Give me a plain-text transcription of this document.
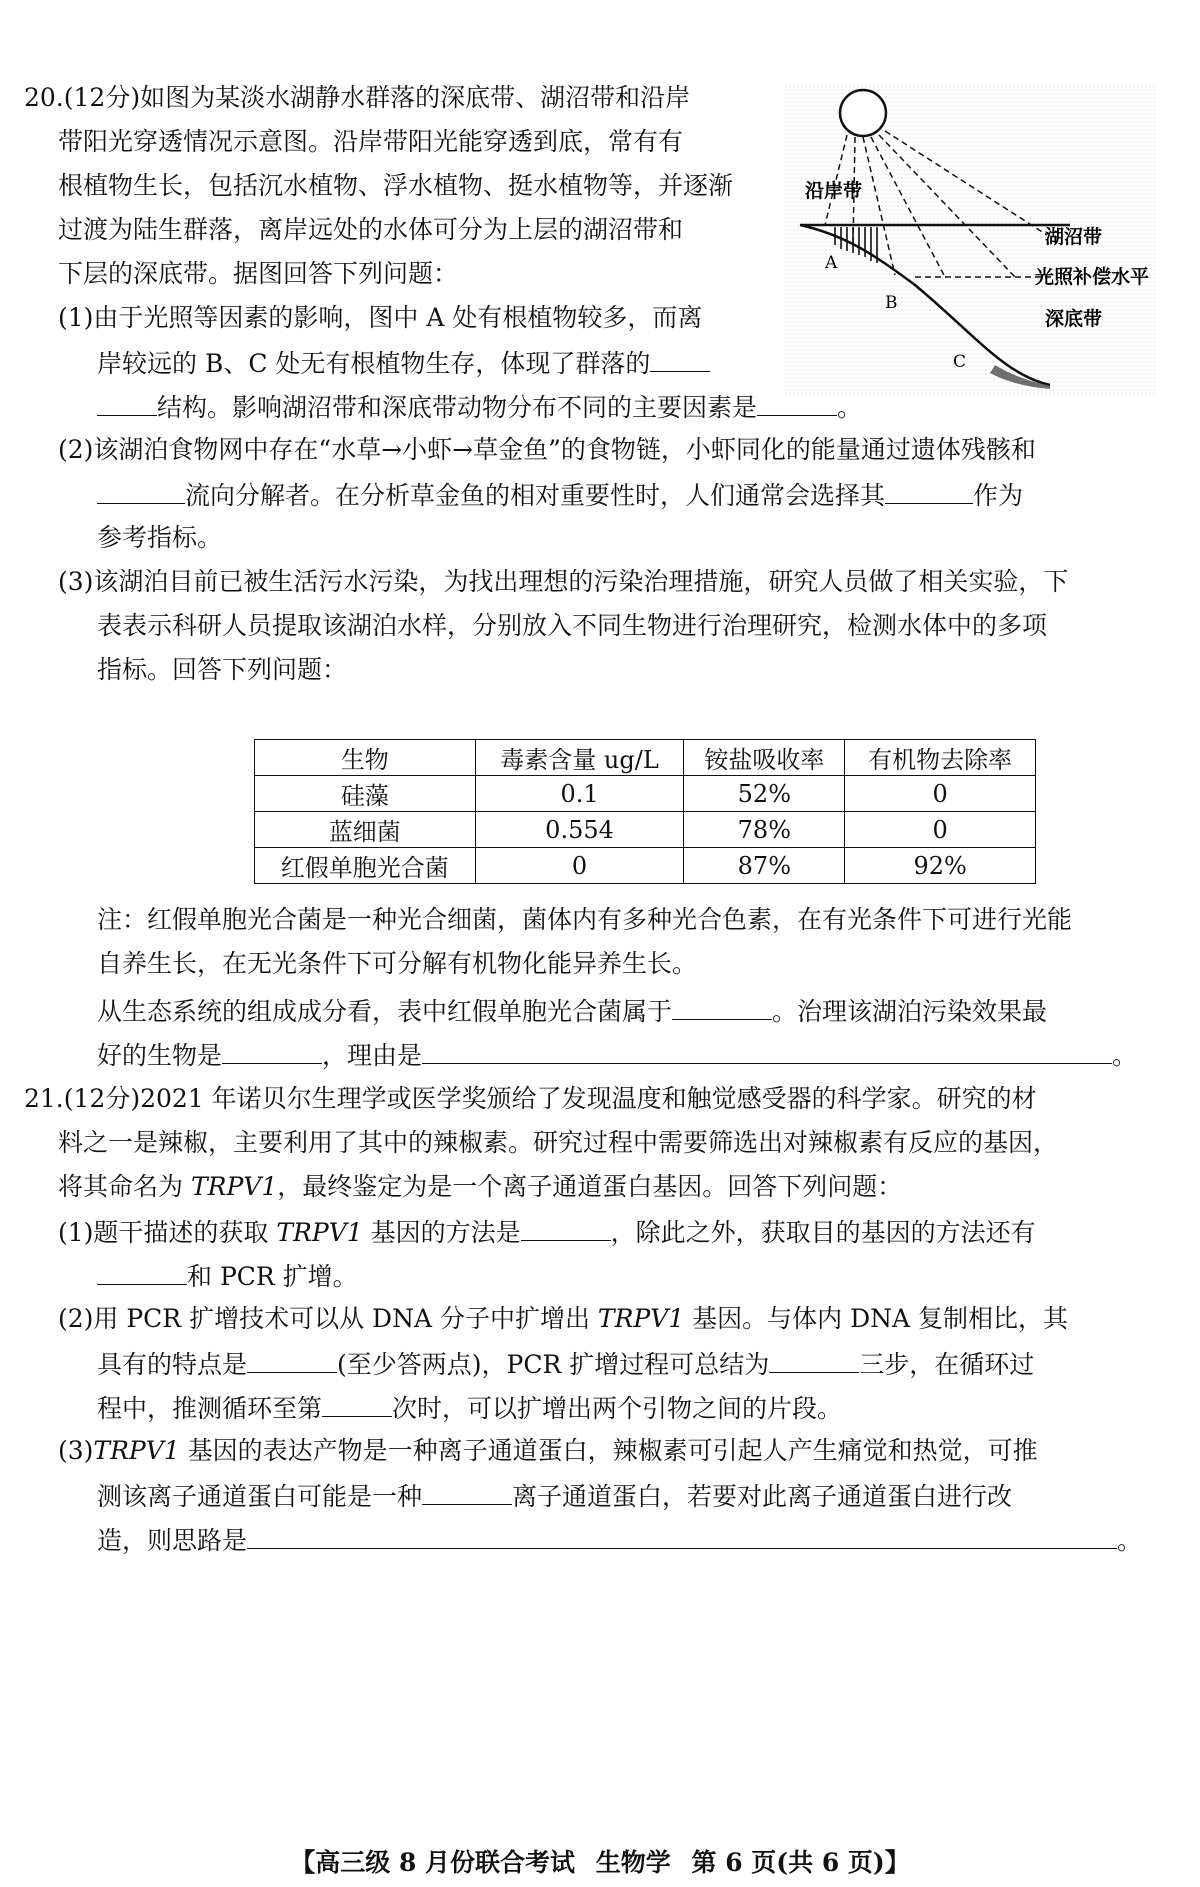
20.(12分)如图为某淡水湖静水群落的深底带、湖沼带和沿岸
带阳光穿透情况示意图。沿岸带阳光能穿透到底，常有有
根植物生长，包括沉水植物、浮水植物、挺水植物等，并逐渐
过渡为陆生群落，离岸远处的水体可分为上层的湖沼带和
下层的深底带。据图回答下列问题：
(1)由于光照等因素的影响，图中 A 处有根植物较多，而离
岸较远的 B、C 处无有根植物生存，体现了群落的
结构。影响湖沼带和深底带动物分布不同的主要因素是	。
(2)该湖泊食物网中存在“水草→小虾→草金鱼”的食物链，小虾同化的能量通过遗体残骸和
流向分解者。在分析草金鱼的相对重要性时，人们通常会选择其	作为
参考指标。
(3)该湖泊目前已被生活污水污染，为找出理想的污染治理措施，研究人员做了相关实验，下
表表示科研人员提取该湖泊水样，分别放入不同生物进行治理研究，检测水体中的多项
指标。回答下列问题：
生物	毒素含量 ug/L	铵盐吸收率	有机物去除率
硅藻	0.1	52%	0
蓝细菌	0.554	78%	0
红假单胞光合菌	0	87%	92%
注：红假单胞光合菌是一种光合细菌，菌体内有多种光合色素，在有光条件下可进行光能
自养生长，在无光条件下可分解有机物化能异养生长。
从生态系统的组成成分看，表中红假单胞光合菌属于	。治理该湖泊污染效果最
好的生物是	，理由是	。
沿岸带
湖沼带
光照补偿水平
深底带
A
B
C
21.(12分)2021 年诺贝尔生理学或医学奖颁给了发现温度和触觉感受器的科学家。研究的材
料之一是辣椒，主要利用了其中的辣椒素。研究过程中需要筛选出对辣椒素有反应的基因，
将其命名为 TRPV1，最终鉴定为是一个离子通道蛋白基因。回答下列问题：
(1)题干描述的获取 TRPV1 基因的方法是	，除此之外，获取目的基因的方法还有
和 PCR 扩增。
(2)用 PCR 扩增技术可以从 DNA 分子中扩增出 TRPV1 基因。与体内 DNA 复制相比，其
具有的特点是	(至少答两点)，PCR 扩增过程可总结为	三步，在循环过
程中，推测循环至第	次时，可以扩增出两个引物之间的片段。
(3)TRPV1 基因的表达产物是一种离子通道蛋白，辣椒素可引起人产生痛觉和热觉，可推
测该离子通道蛋白可能是一种	离子通道蛋白，若要对此离子通道蛋白进行改
造，则思路是	。
【高三级 8 月份联合考试 生物学 第 6 页(共 6 页)】
